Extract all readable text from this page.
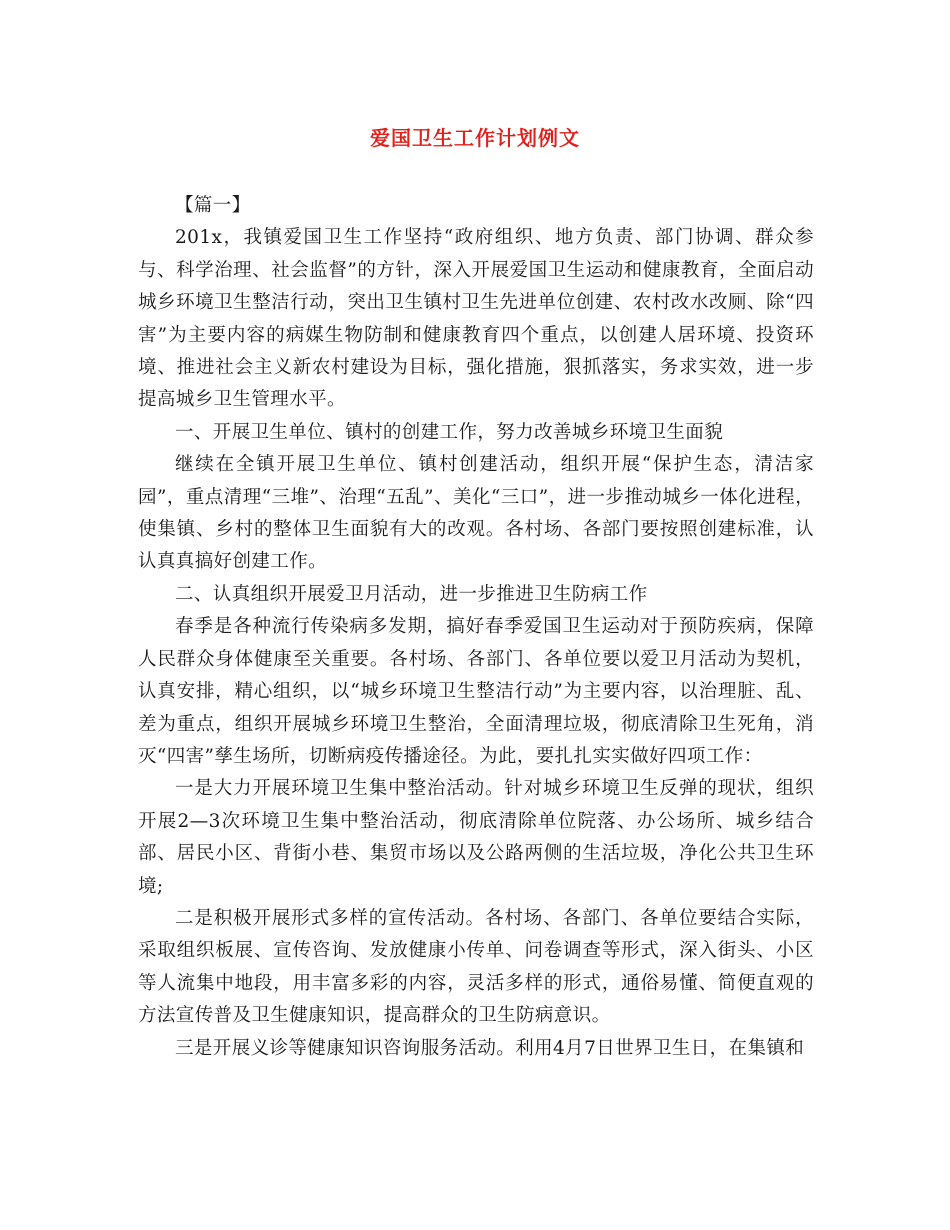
爱国卫生工作计划例文

【篇一】

201x，我镇爱国卫生工作坚持“政府组织、地方负责、部门协调、群众参与、科学治理、社会监督”的方针，深入开展爱国卫生运动和健康教育，全面启动城乡环境卫生整洁行动，突出卫生镇村卫生先进单位创建、农村改水改厕、除“四害”为主要内容的病媒生物防制和健康教育四个重点，以创建人居环境、投资环境、推进社会主义新农村建设为目标，强化措施，狠抓落实，务求实效，进一步提高城乡卫生管理水平。

一、开展卫生单位、镇村的创建工作，努力改善城乡环境卫生面貌

继续在全镇开展卫生单位、镇村创建活动，组织开展“保护生态，清洁家园”，重点清理“三堆”、治理“五乱”、美化“三口”，进一步推动城乡一体化进程，使集镇、乡村的整体卫生面貌有大的改观。各村场、各部门要按照创建标准，认认真真搞好创建工作。

二、认真组织开展爱卫月活动，进一步推进卫生防病工作

春季是各种流行传染病多发期，搞好春季爱国卫生运动对于预防疾病，保障人民群众身体健康至关重要。各村场、各部门、各单位要以爱卫月活动为契机，认真安排，精心组织，以“城乡环境卫生整洁行动”为主要内容，以治理脏、乱、差为重点，组织开展城乡环境卫生整治，全面清理垃圾，彻底清除卫生死角，消灭“四害”孳生场所，切断病疫传播途径。为此，要扎扎实实做好四项工作：

一是大力开展环境卫生集中整治活动。针对城乡环境卫生反弹的现状，组织开展2—3次环境卫生集中整治活动，彻底清除单位院落、办公场所、城乡结合部、居民小区、背街小巷、集贸市场以及公路两侧的生活垃圾，净化公共卫生环境;

二是积极开展形式多样的宣传活动。各村场、各部门、各单位要结合实际，采取组织板展、宣传咨询、发放健康小传单、问卷调查等形式，深入街头、小区等人流集中地段，用丰富多彩的内容，灵活多样的形式，通俗易懂、简便直观的方法宣传普及卫生健康知识，提高群众的卫生防病意识。

三是开展义诊等健康知识咨询服务活动。利用4月7日世界卫生日，在集镇和
